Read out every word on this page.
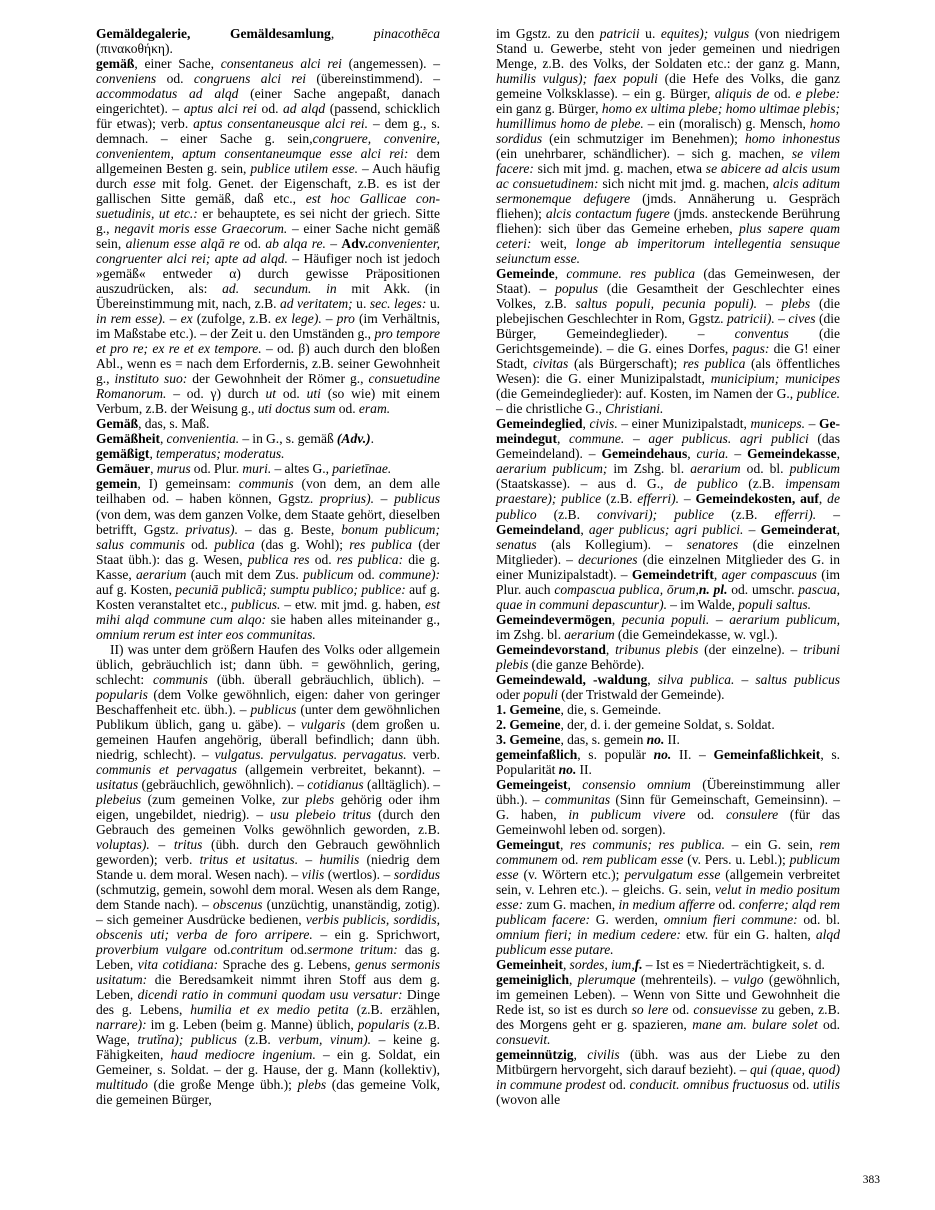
Gemäldegalerie, Gemäldesamlung, pinacothēca (πινακοθήκη).

gemäß, einer Sache, consentaneus alci rei (angemessen). – conveniens od. congruens alci rei (übereinstimmend). – accommodatus ad alqd (einer Sache angepaßt, danach eingerichtet). – aptus alci rei od. ad alqd (passend, schicklich für etwas); verb. aptus consentaneusque alci rei. – dem g., s. demnach. – einer Sache g. sein,congruere, convenire, convenientem, aptum consentaneumque esse alci rei: dem allgemeinen Besten g. sein, publice utilem esse. – Auch häufig durch esse mit folg. Genet. der Eigenschaft, z.B. es ist der gallischen Sitte gemäß, daß etc., est hoc Gallicae consuetudinis, ut etc.: er behauptete, es sei nicht der griech. Sitte g., negavit moris esse Graecorum. – einer Sache nicht gemäß sein, alienum esse alqā re od. ab alqa re. – Adv.convenienter, congruenter alci rei; apte ad alqd. – Häufiger noch ist jedoch »gemäß« entweder α) durch gewisse Präpositionen auszudrücken, als: ad. secundum. in mit Akk. (in Übereinstimmung mit, nach, z.B. ad veritatem; u. sec. leges: u. in rem esse). – ex (zufolge, z.B. ex lege). – pro (im Verhältnis, im Maßstabe etc.). – der Zeit u. den Umständen g., pro tempore et pro re; ex re et ex tempore. – od. β) auch durch den bloßen Abl., wenn es = nach dem Erfordernis, z.B. seiner Gewohnheit g., instituto suo: der Gewohnheit der Römer g., consuetudine Romanorum. – od. γ) durch ut od. uti (so wie) mit einem Verbum, z.B. der Weisung g., uti doctus sum od. eram.

Gemäß, das, s. Maß.

Gemäßheit, convenientia. – in G., s. gemäß (Adv.).

gemäßigt, temperatus; moderatus.

Gemäuer, murus od. Plur. muri. – altes G., parietīnae.

gemein, I) gemeinsam: communis (von dem, an dem alle teilhaben od. – haben können, Ggstz. proprius). – publicus (von dem, was dem ganzen Volke, dem Staate gehört, dieselben betrifft, Ggstz. privatus). – das g. Beste, bonum publicum; salus communis od. publica (das g. Wohl); res publica (der Staat übh.): das g. Wesen, publica res od. res publica: die g. Kasse, aerarium (auch mit dem Zus. publicum od. commune): auf g. Kosten, pecuniā publicā; sumptu publico; publice: auf g. Kosten veranstaltet etc., publicus. – etw. mit jmd. g. haben, est mihi alqd commune cum alqo: sie haben alles miteinander g., omnium rerum est inter eos communitas.

II) was unter dem größern Haufen des Volks oder allgemein üblich, gebräuchlich ist; dann übh. = gewöhnlich, gering, schlecht: communis (übh. überall gebräuchlich, üblich). – popularis (dem Volke gewöhnlich, eigen: daher von geringer Beschaffenheit etc. übh.). – publicus (unter dem gewöhnlichen Publikum üblich, gang u. gäbe). – vulgaris (dem großen u. gemeinen Haufen angehörig, überall befindlich; dann übh. niedrig, schlecht). – vulgatus. pervulgatus. pervagatus. verb. communis et pervagatus (allgemein verbreitet, bekannt). – usitatus (gebräuchlich, gewöhnlich). – cotidianus (alltäglich). – plebeius (zum gemeinen Volke, zur plebs gehörig oder ihm eigen, ungebildet, niedrig). – usu plebeio tritus (durch den Gebrauch des gemeinen Volks gewöhnlich geworden, z.B. voluptas). – tritus (übh. durch den Gebrauch gewöhnlich geworden); verb. tritus et usitatus. – humilis (niedrig dem Stande u. dem moral. Wesen nach). – vilis (wertlos). – sordidus (schmutzig, gemein, sowohl dem moral. Wesen als dem Range, dem Stande nach). – obscenus (unzüchtig, unanständig, zotig). – sich gemeiner Ausdrücke bedienen, verbis publicis, sordidis, obscenis uti; verba de foro arripere. – ein g. Sprichwort, proverbium vulgare od.contritum od.sermone tritum: das g. Leben, vita cotidiana: Sprache des g. Lebens, genus sermonis usitatum: die Beredsamkeit nimmt ihren Stoff aus dem g. Leben, dicendi ratio in communi quodam usu versatur: Dinge des g. Lebens, humilia et ex medio petita (z.B. erzählen, narrare): im g. Leben (beim g. Manne) üblich, popularis (z.B. Wage, trutĭna); publicus (z.B. verbum, vinum). – keine g. Fähigkeiten, haud mediocre ingenium. – ein g. Soldat, ein Gemeiner, s. Soldat. – der g. Hause, der g. Mann (kollektiv), multitudo (die große Menge übh.); plebs (das gemeine Volk, die gemeinen Bürger,

im Ggstz. zu den patricii u. equites); vulgus (von niedrigem Stand u. Gewerbe, steht von jeder gemeinen und niedrigen Menge, z.B. des Volks, der Soldaten etc.: der ganz g. Mann, humilis vulgus); faex populi (die Hefe des Volks, die ganz gemeine Volksklasse). – ein g. Bürger, aliquis de od. e plebe: ein ganz g. Bürger, homo ex ultima plebe; homo ultimae plebis; humillimus homo de plebe. – ein (moralisch) g. Mensch, homo sordidus (ein schmutziger im Benehmen); homo inhonestus (ein unehrbarer, schändlicher). – sich g. machen, se vilem facere: sich mit jmd. g. machen, etwa se abicere ad alcis usum ac consuetudinem: sich nicht mit jmd. g. machen, alcis aditum sermonemque defugere (jmds. Annäherung u. Gespräch fliehen); alcis contactum fugere (jmds. ansteckende Berührung fliehen): sich über das Gemeine erheben, plus sapere quam ceteri: weit, longe ab imperitorum intellegentia sensuque seiunctum esse.

Gemeinde, commune. res publica (das Gemeinwesen, der Staat). – populus (die Gesamtheit der Geschlechter eines Volkes, z.B. saltus populi, pecunia populi). – plebs (die plebejischen Geschlechter in Rom, Ggstz. patricii). – cives (die Bürger, Gemeindeglieder). – conventus (die Gerichtsgemeinde). – die G. eines Dorfes, pagus: die G! einer Stadt, civitas (als Bürgerschaft); res publica (als öffentliches Wesen): die G. einer Munizipalstadt, municipium; municipes (die Gemeindeglieder): auf. Kosten, im Namen der G., publice. – die christliche G., Christiani.

Gemeindeglied, civis. – einer Munizipalstadt, municeps. – Gemeindegut, commune. – ager publicus. agri publici (das Gemeindeland). – Gemeindehaus, curia. – Gemeindekasse, aerarium publicum; im Zshg. bl. aerarium od. bl. publicum (Staatskasse). – aus d. G., de publico (z.B. impensam praestare); publice (z.B. efferri). – Gemeindekosten, auf, de publico (z.B. convivari); publice (z.B. efferri). – Gemeindeland, ager publicus; agri publici. – Gemeinderat, senatus (als Kollegium). – senatores (die einzelnen Mitglieder). – decuriones (die einzelnen Mitglieder des G. in einer Munizipalstadt). – Gemeindetrift, ager compascuus (im Plur. auch compascua publica, ōrum,n. pl. od. umschr. pascua, quae in communi depascuntur). – im Walde, populi saltus.

Gemeindevermögen, pecunia populi. – aerarium publicum, im Zshg. bl. aerarium (die Gemeindekasse, w. vgl.).

Gemeindevorstand, tribunus plebis (der einzelne). – tribuni plebis (die ganze Behörde).

Gemeindewald, -waldung, silva publica. – saltus publicus oder populi (der Tristwald der Gemeinde).

1. Gemeine, die, s. Gemeinde.

2. Gemeine, der, d. i. der gemeine Soldat, s. Soldat.

3. Gemeine, das, s. gemein no. II.

gemeinfaßlich, s. populär no. II. – Gemeinfaßlichkeit, s. Popularität no. II.

Gemeingeist, consensio omnium (Übereinstimmung aller übh.). – communitas (Sinn für Gemeinschaft, Gemeinsinn). – G. haben, in publicum vivere od. consulere (für das Gemeinwohl leben od. sorgen).

Gemeingut, res communis; res publica. – ein G. sein, rem communem od. rem publicam esse (v. Pers. u. Lebl.); publicum esse (v. Wörtern etc.); pervulgatum esse (allgemein verbreitet sein, v. Lehren etc.). – gleichs. G. sein, velut in medio positum esse: zum G. machen, in medium afferre od. conferre; alqd rem publicam facere: G. werden, omnium fieri commune: od. bl. omnium fieri; in medium cedere: etw. für ein G. halten, alqd publicum esse putare.

Gemeinheit, sordes, ium,f. – Ist es = Niederträchtigkeit, s. d.

gemeiniglich, plerumque (mehrenteils). – vulgo (gewöhnlich, im gemeinen Leben). – Wenn von Sitte und Gewohnheit die Rede ist, so ist es durch so lere od. consuevisse zu geben, z.B. des Morgens geht er g. spazieren, mane am. bulare solet od. consuevit.

gemeinnützig, civilis (übh. was aus der Liebe zu den Mitbürgern hervorgeht, sich darauf bezieht). – qui (quae, quod) in commune prodest od. conducit. omnibus fructuosus od. utilis (wovon alle

383
